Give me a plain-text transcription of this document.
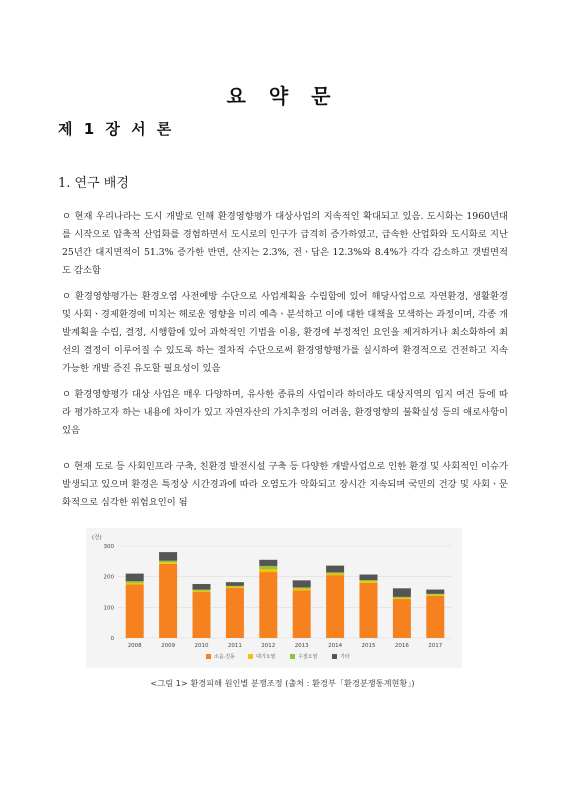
요 약 문
제 1 장 서 론
1. 연구 배경

ㅇ 현재 우리나라는 도시 개발로 인해 환경영향평가 대상사업의 지속적인 확대되고 있음. 도시화는 1960년대를 시작으로 압축적 산업화를 경험하면서 도시로의 인구가 급격히 증가하였고, 급속한 산업화와 도시화로 지난 25년간 대지면적이 51.3% 증가한 반면, 산지는 2.3%, 전ㆍ답은 12.3%와 8.4%가 각각 감소하고 갯벌면적도 감소함

ㅇ 환경영향평가는 환경오염 사전예방 수단으로 사업계획을 수립함에 있어 해당사업으로 자연환경, 생활환경 및 사회ㆍ경제환경에 미치는 해로운 영향을 미리 예측ㆍ분석하고 이에 대한 대책을 모색하는 과정이며, 각종 개발계획을 수립, 결정, 시행함에 있어 과학적인 기법을 이용, 환경에 부정적인 요인을 제거하거나 최소화하여 최선의 결정이 이루어질 수 있도록 하는 절차적 수단으로써 환경영향평가를 실시하여 환경적으로 건전하고 지속가능한 개발 증진 유도할 필요성이 있음

ㅇ 환경영향평가 대상 사업은 매우 다양하며, 유사한 종류의 사업이라 하더라도 대상지역의 입지 여건 등에 따라 평가하고자 하는 내용에 차이가 있고 자연자산의 가치추정의 어려움, 환경영향의 불확실성 등의 애로사항이 있음

ㅇ 현재 도로 등 사회인프라 구축, 친환경 발전시설 구축 등 다양한 개발사업으로 인한 환경 및 사회적인 이슈가 발생되고 있으며 환경은 특정상 시간경과에 따라 오염도가 악화되고 장시간 지속되며 국민의 건강 및 사회ㆍ문화적으로 심각한 위험요인이 됨

(건)
0
100
200
300
2008	2009	2010	2011	2012	2013	2014	2015	2016	2017
소음.진동	대기오염	수질오염	기타
<그림 1> 환경피해 원인별 분쟁조정 (출처 : 환경부「환경분쟁통계현황」)
